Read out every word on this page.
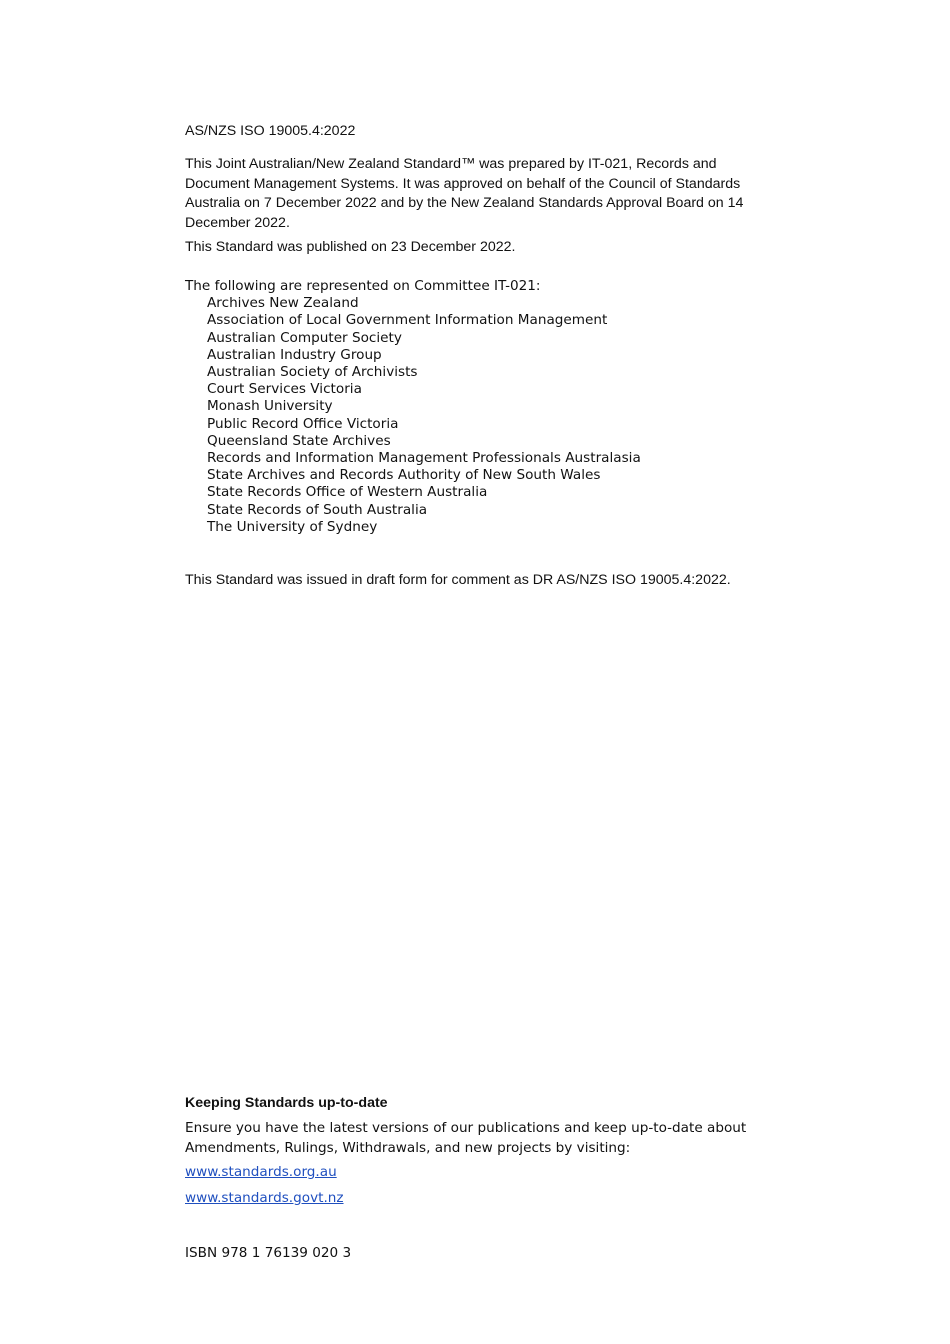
AS/NZS ISO 19005.4:2022

This Joint Australian/New Zealand Standard™ was prepared by IT-021, Records and Document Management Systems. It was approved on behalf of the Council of Standards Australia on 7 December 2022 and by the New Zealand Standards Approval Board on 14 December 2022.

This Standard was published on 23 December 2022.

The following are represented on Committee IT-021:
Archives New Zealand
Association of Local Government Information Management
Australian Computer Society
Australian Industry Group
Australian Society of Archivists
Court Services Victoria
Monash University
Public Record Office Victoria
Queensland State Archives
Records and Information Management Professionals Australasia
State Archives and Records Authority of New South Wales
State Records Office of Western Australia
State Records of South Australia
The University of Sydney

This Standard was issued in draft form for comment as DR AS/NZS ISO 19005.4:2022.

Keeping Standards up-to-date

Ensure you have the latest versions of our publications and keep up-to-date about Amendments, Rulings, Withdrawals, and new projects by visiting:

www.standards.org.au

www.standards.govt.nz

ISBN 978 1 76139 020 3
